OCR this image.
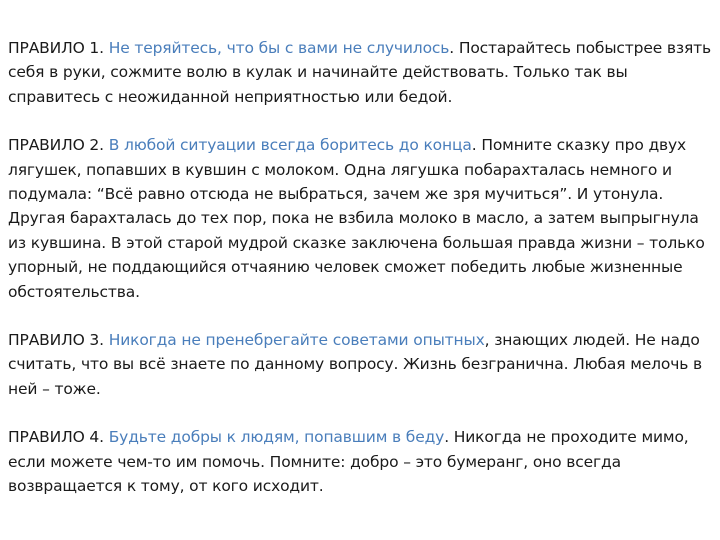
ПРАВИЛО 1. Не теряйтесь, что бы с вами не случилось. Постарайтесь побыстрее взять себя в руки, сожмите волю в кулак и начинайте действовать. Только так вы справитесь с неожиданной неприятностью или бедой.

ПРАВИЛО 2. В любой ситуации всегда боритесь до конца. Помните сказку про двух лягушек, попавших в кувшин с молоком. Одна лягушка побарахталась немного и подумала: “Всё равно отсюда не выбраться, зачем же зря мучиться”. И утонула. Другая барахталась до тех пор, пока не взбила молоко в масло, а затем выпрыгнула из кувшина. В этой старой мудрой сказке заключена большая правда жизни – только упорный, не поддающийся отчаянию человек сможет победить любые жизненные обстоятельства.

ПРАВИЛО 3. Никогда не пренебрегайте советами опытных, знающих людей. Не надо считать, что вы всё знаете по данному вопросу. Жизнь безгранична. Любая мелочь в ней – тоже.

ПРАВИЛО 4. Будьте добры к людям, попавшим в беду. Никогда не проходите мимо, если можете чем-то им помочь. Помните: добро – это бумеранг, оно всегда возвращается к тому, от кого исходит.
